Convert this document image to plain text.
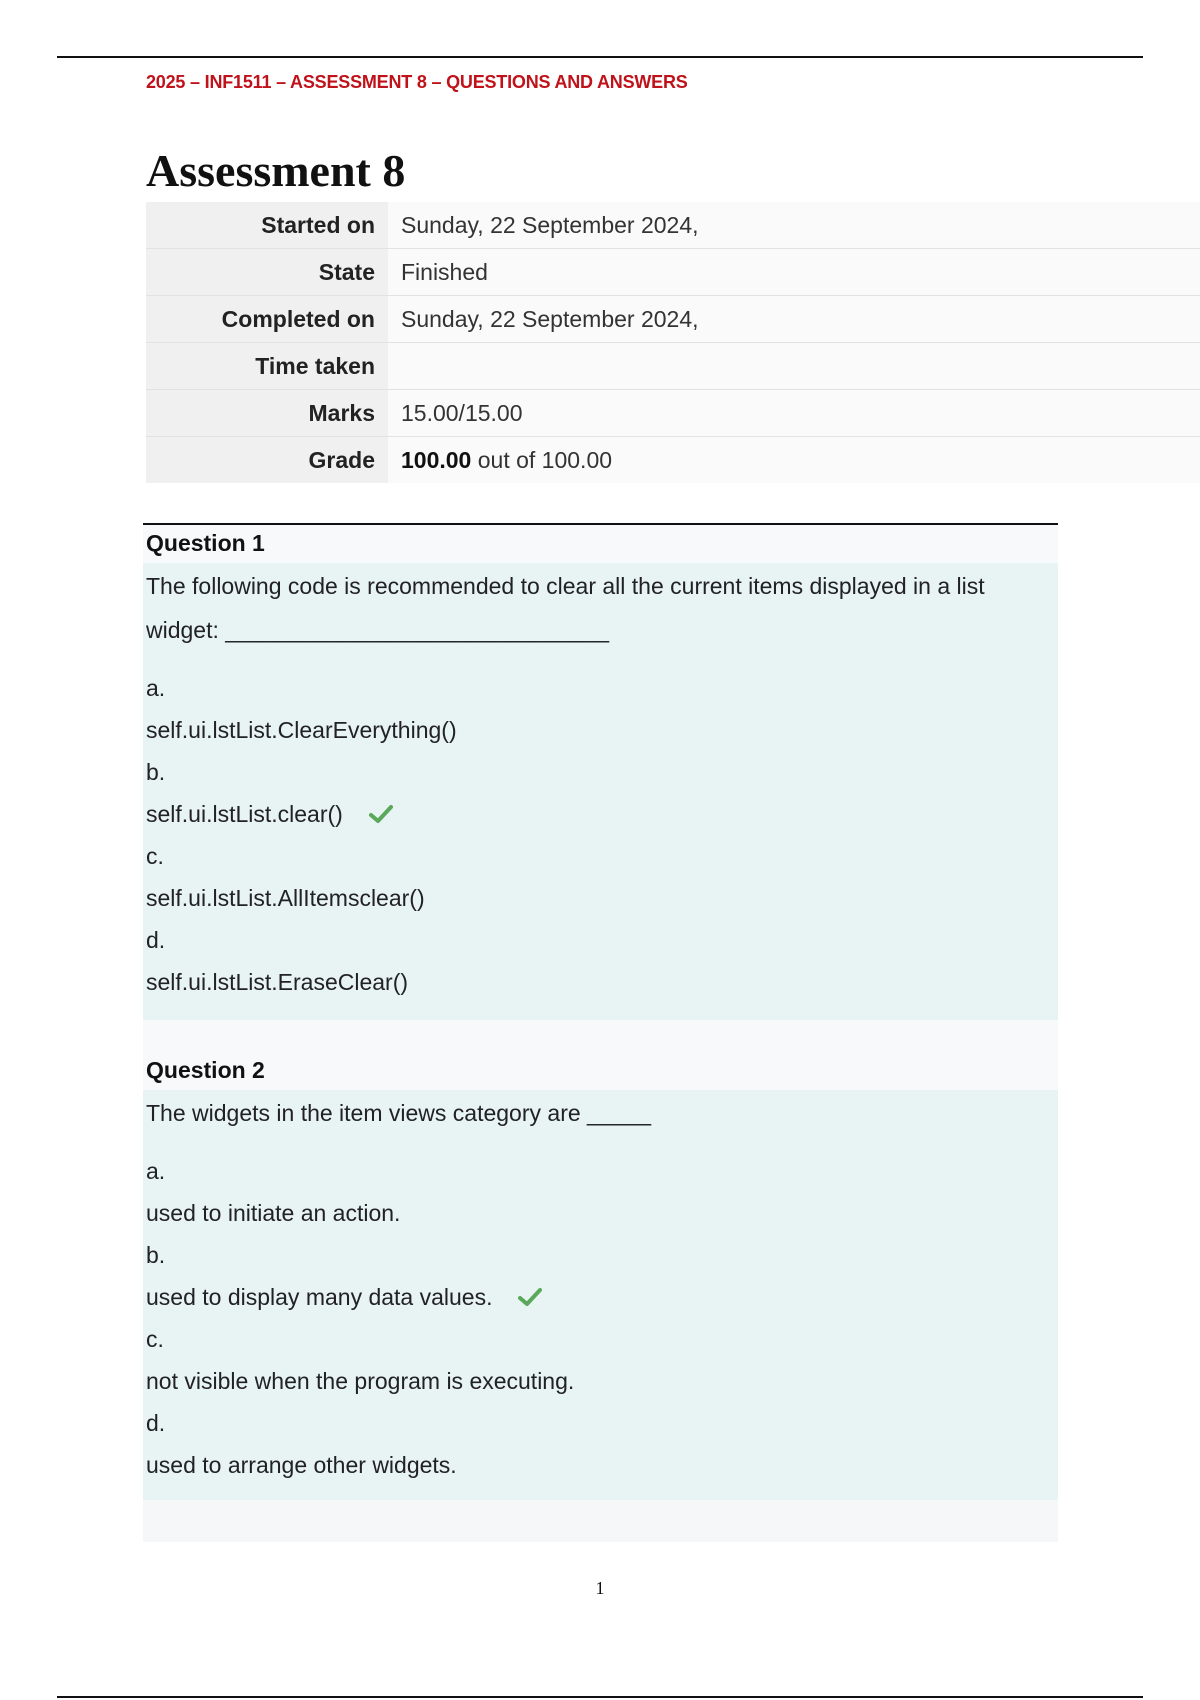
2025 – INF1511 – ASSESSMENT 8 – QUESTIONS AND ANSWERS
Assessment 8
Started on	Sunday, 22 September 2024,
State	Finished
Completed on	Sunday, 22 September 2024,
Time taken
Marks	15.00/15.00
Grade	100.00 out of 100.00
Question 1
The following code is recommended to clear all the current items displayed in a list
widget: ______________________________
a.
self.ui.lstList.ClearEverything()
b.
self.ui.lstList.clear()
c.
self.ui.lstList.AllItemsclear()
d.
self.ui.lstList.EraseClear()
Question 2
The widgets in the item views category are _____
a.
used to initiate an action.
b.
used to display many data values.
c.
not visible when the program is executing.
d.
used to arrange other widgets.
1
